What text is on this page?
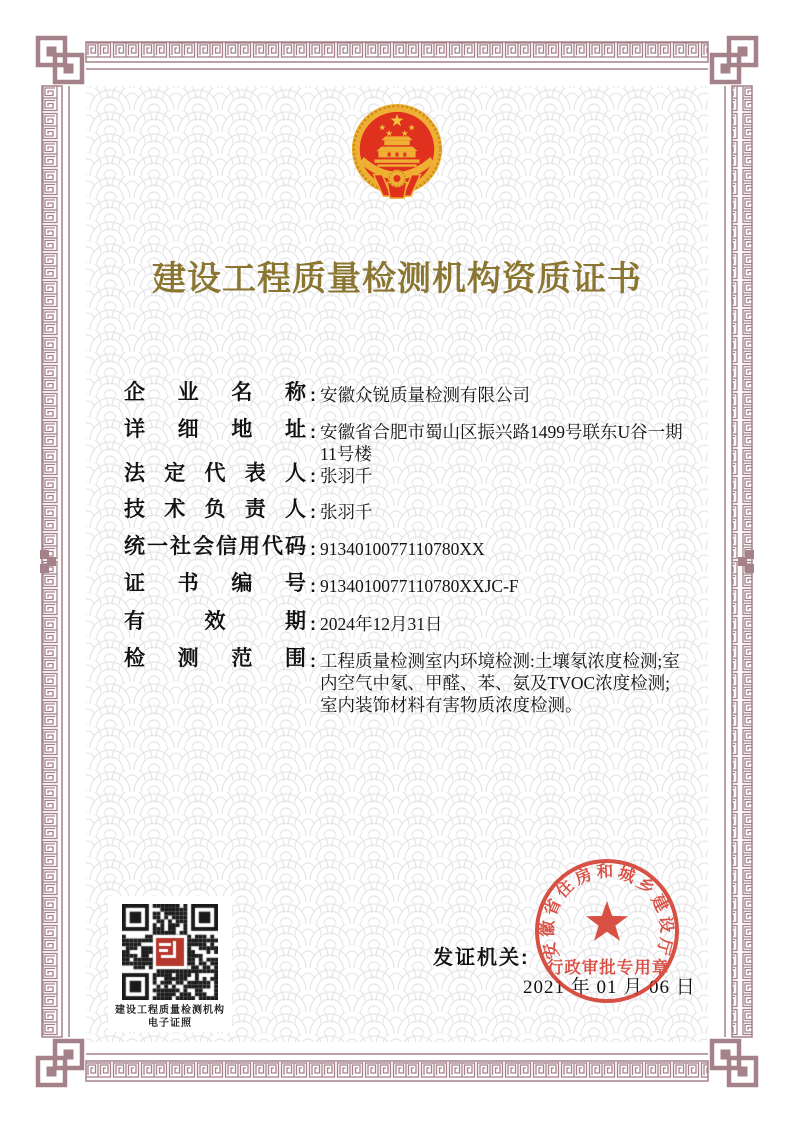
建设工程质量检测机构资质证书
企业名称 : 安徽众锐质量检测有限公司
详细地址 : 安徽省合肥市蜀山区振兴路1499号联东U谷一期11号楼
法定代表人 : 张羽千
技术负责人 : 张羽千
统一社会信用代码 : 9134010077110780XX
证书编号 : 9134010077110780XXJC-F
有效期 : 2024年12月31日
检测范围 : 工程质量检测室内环境检测:土壤氡浓度检测;室内空气中氡、甲醛、苯、氨及TVOC浓度检测;室内装饰材料有害物质浓度检测。
建设工程质量检测机构
电子证照
发证机关:
2021 年 01 月 06 日
安徽省住房和城乡建设厅
行政审批专用章
